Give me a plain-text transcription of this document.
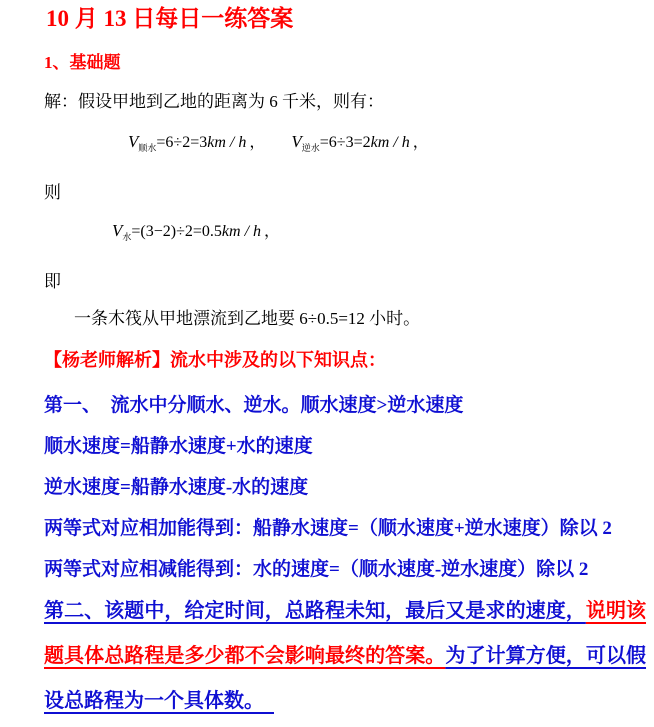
10 月 13 日每日一练答案
1、基础题

解：假设甲地到乙地的距离为 6 千米，则有：

$V_{顺水}=6\div 2=3km / h$ ， $V_{逆水}=6\div 3=2km / h$ ，

则

$V_水=(3-2)\div 2=0.5km / h$ ，

即

一条木筏从甲地漂流到乙地要 6÷0.5=12 小时。

【杨老师解析】流水中涉及的以下知识点：

第一、　流水中分顺水、逆水。顺水速度>逆水速度

顺水速度=船静水速度+水的速度

逆水速度=船静水速度-水的速度

两等式对应相加能得到：船静水速度=（顺水速度+逆水速度）除以 2

两等式对应相减能得到：水的速度=（顺水速度-逆水速度）除以 2

第二、该题中，给定时间，总路程未知，最后又是求的速度，说明该题具体总路程是多少都不会影响最终的答案。为了计算方便，可以假设总路程为一个具体数。　
